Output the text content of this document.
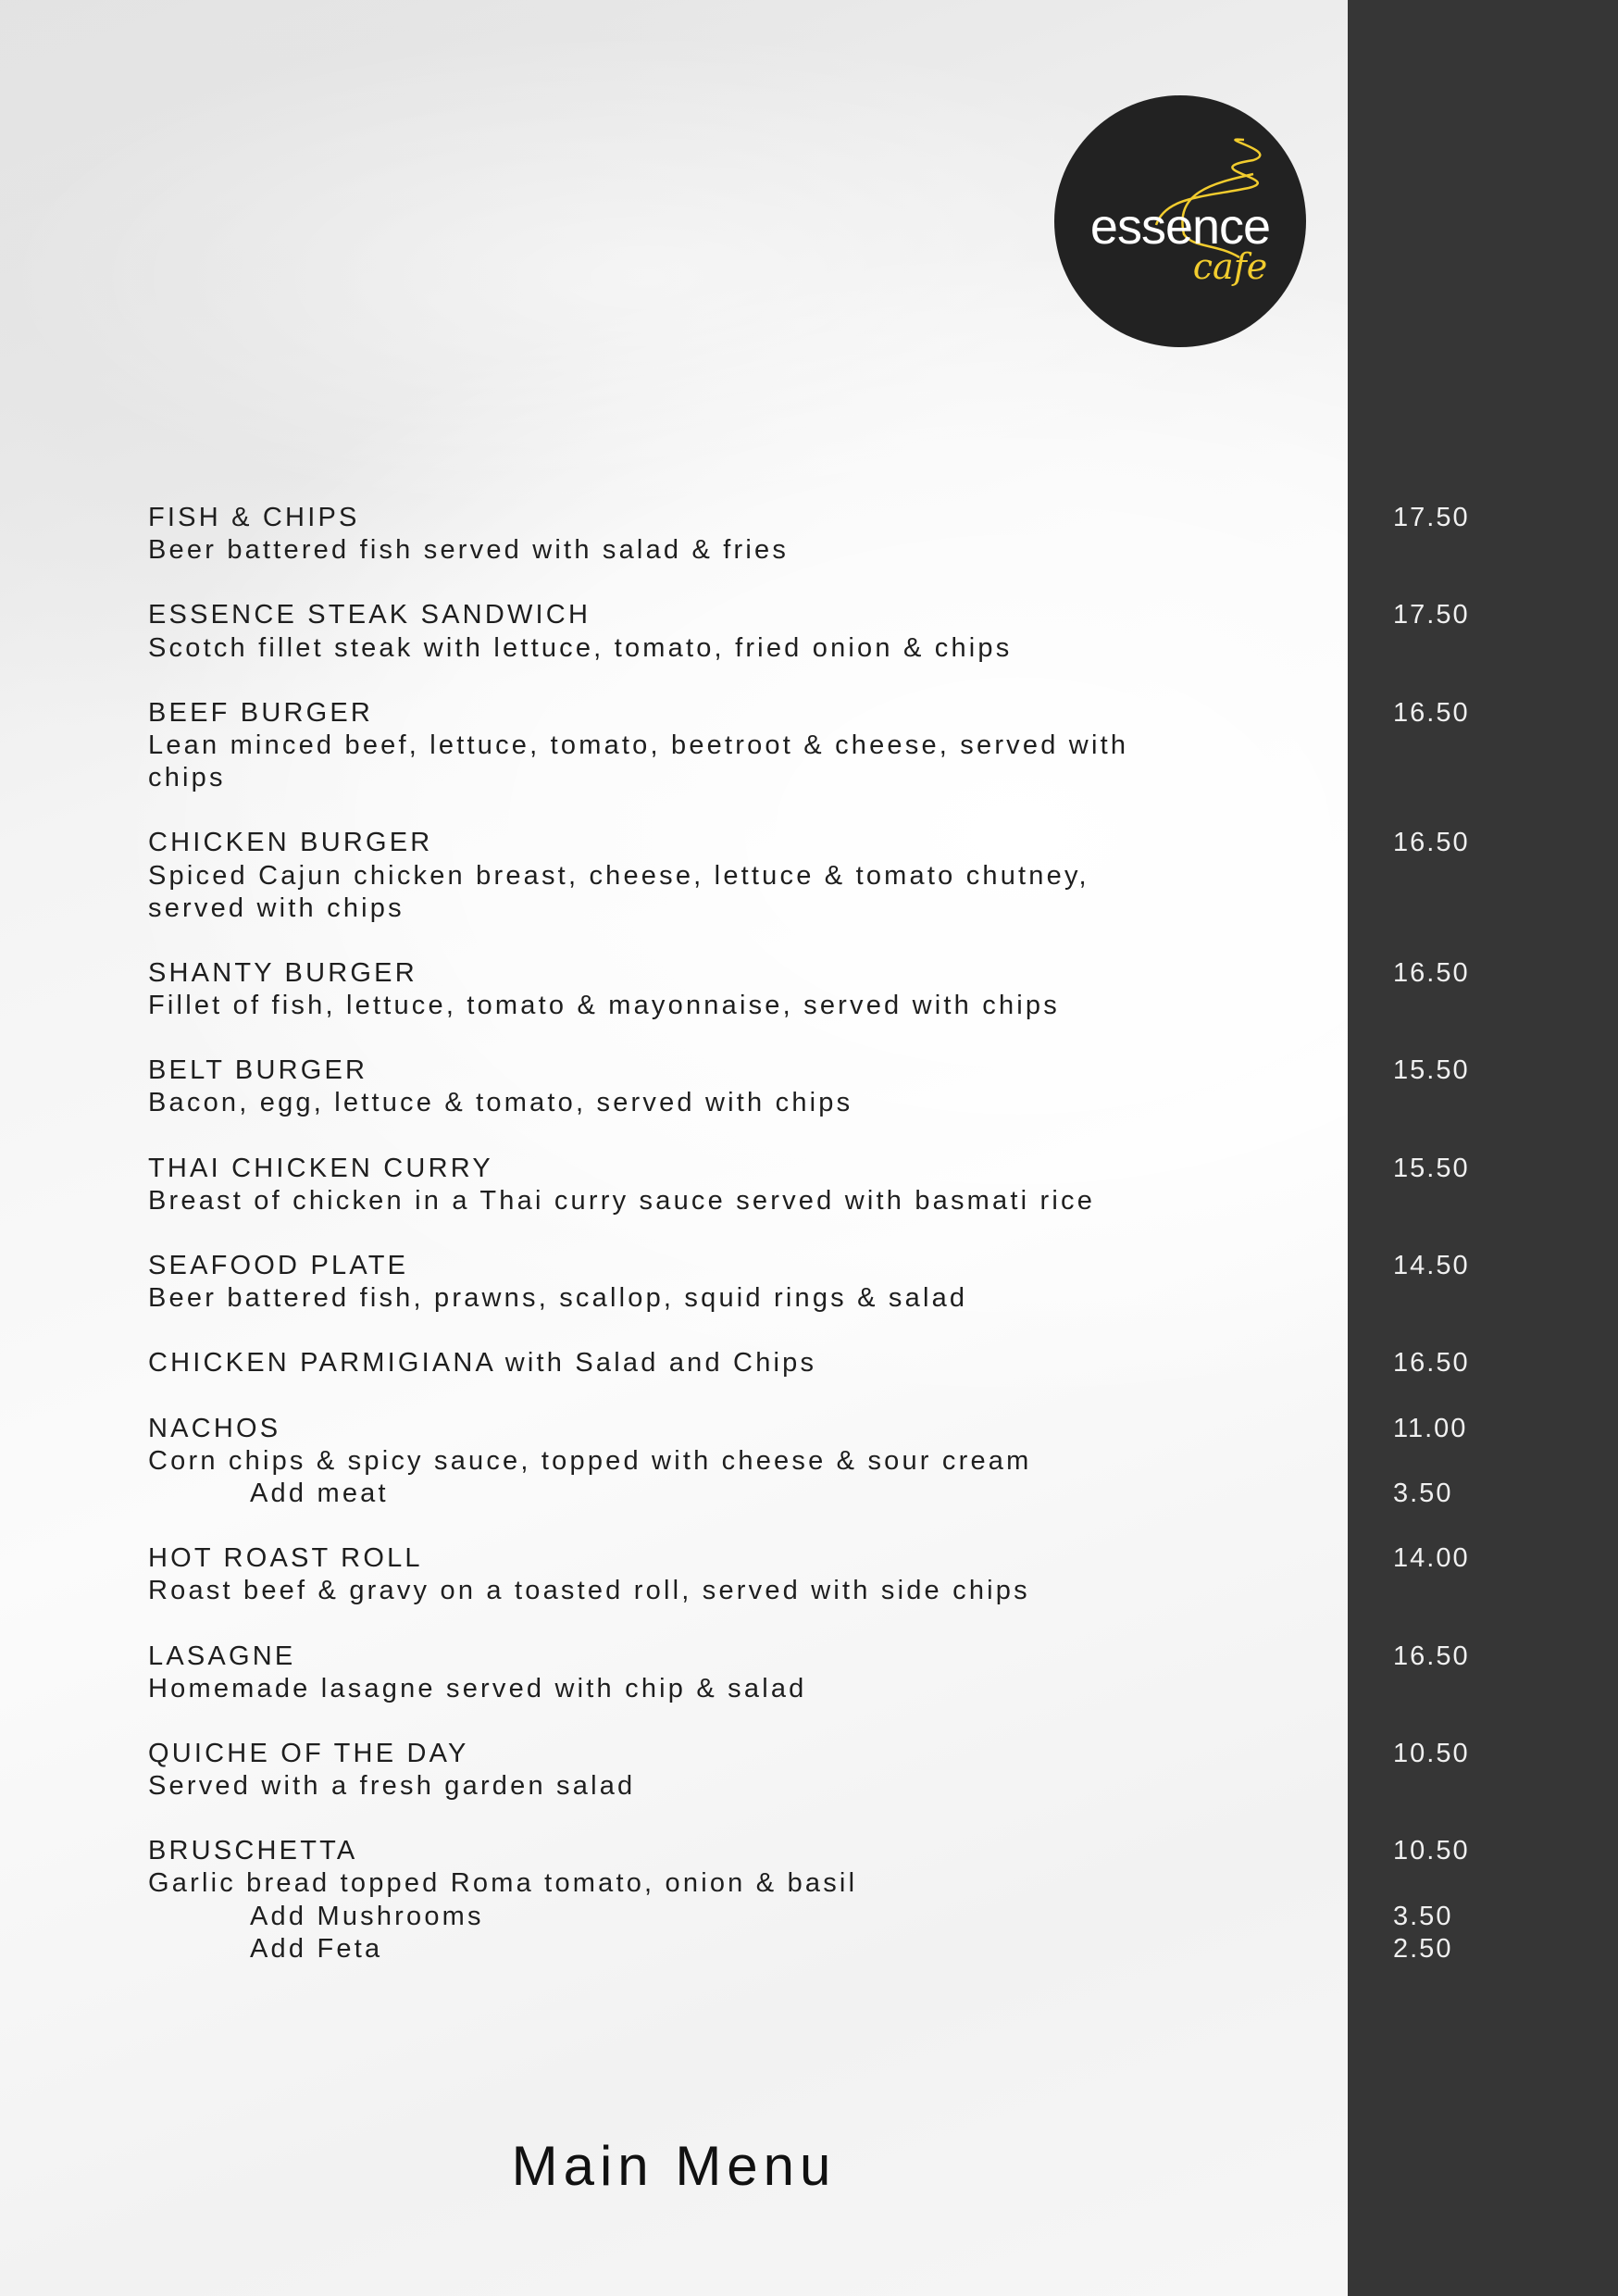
essence
cafe
FISH & CHIPS	17.50
Beer battered fish served with salad & fries
ESSENCE STEAK SANDWICH	17.50
Scotch fillet steak with lettuce, tomato, fried onion & chips
BEEF BURGER	16.50
Lean minced beef, lettuce, tomato, beetroot & cheese, served with
chips
CHICKEN BURGER	16.50
Spiced Cajun chicken breast, cheese, lettuce & tomato chutney,
served with chips
SHANTY BURGER	16.50
Fillet of fish, lettuce, tomato & mayonnaise, served with chips
BELT BURGER	15.50
Bacon, egg, lettuce & tomato, served with chips
THAI CHICKEN CURRY	15.50
Breast of chicken in a Thai curry sauce served with basmati rice
SEAFOOD PLATE	14.50
Beer battered fish, prawns, scallop, squid rings & salad
CHICKEN PARMIGIANA with Salad and Chips	16.50
NACHOS	11.00
Corn chips & spicy sauce, topped with cheese & sour cream
Add meat	3.50
HOT ROAST ROLL	14.00
Roast beef & gravy on a toasted roll, served with side chips
LASAGNE	16.50
Homemade lasagne served with chip & salad
QUICHE OF THE DAY	10.50
Served with a fresh garden salad
BRUSCHETTA	10.50
Garlic bread topped Roma tomato, onion & basil
Add Mushrooms	3.50
Add Feta	2.50
Main Menu
